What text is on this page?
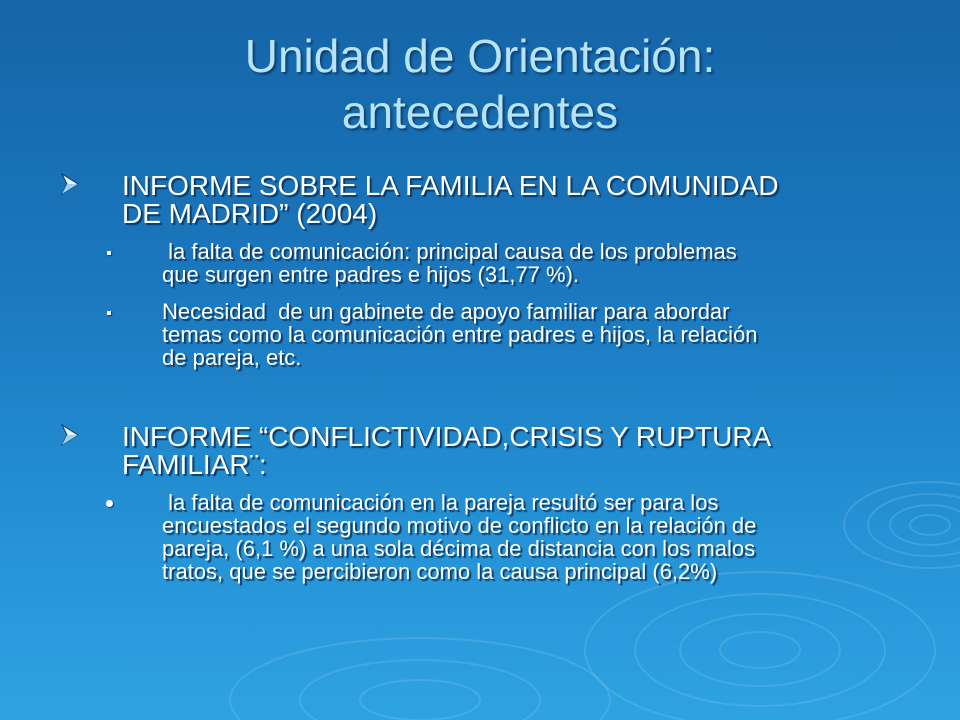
Unidad de Orientación:
antecedentes
INFORME SOBRE LA FAMILIA EN LA COMUNIDAD
DE MADRID” (2004)
la falta de comunicación: principal causa de los problemas
que surgen entre padres e hijos (31,77 %).
Necesidad  de un gabinete de apoyo familiar para abordar
temas como la comunicación entre padres e hijos, la relación
de pareja, etc.
INFORME “CONFLICTIVIDAD,CRISIS Y RUPTURA
FAMILIAR¨:
la falta de comunicación en la pareja resultó ser para los
encuestados el segundo motivo de conflicto en la relación de
pareja, (6,1 %) a una sola décima de distancia con los malos
tratos, que se percibieron como la causa principal (6,2%)
